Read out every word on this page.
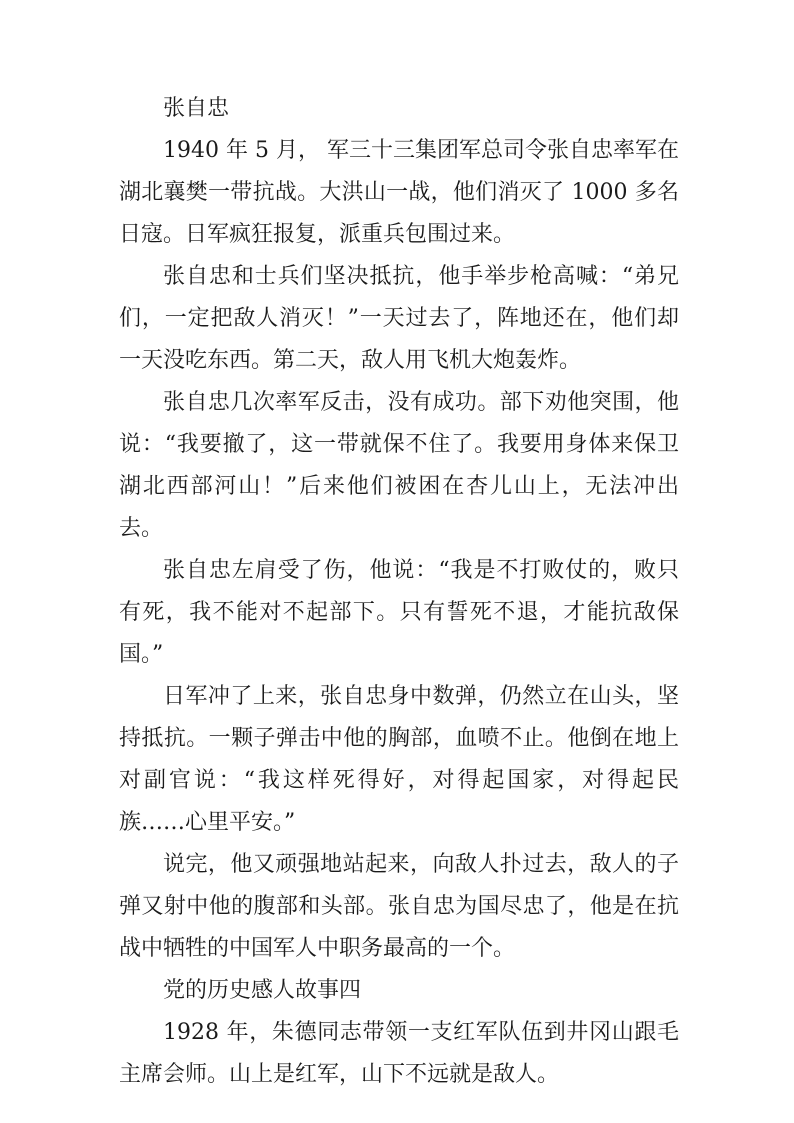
张自忠

1940 年 5 月， 军三十三集团军总司令张自忠率军在湖北襄樊一带抗战。大洪山一战，他们消灭了 1000 多名日寇。日军疯狂报复，派重兵包围过来。

张自忠和士兵们坚决抵抗，他手举步枪高喊：“弟兄们，一定把敌人消灭！”一天过去了，阵地还在，他们却一天没吃东西。第二天，敌人用飞机大炮轰炸。

张自忠几次率军反击，没有成功。部下劝他突围，他说：“我要撤了，这一带就保不住了。我要用身体来保卫湖北西部河山！”后来他们被困在杏儿山上，无法冲出去。

张自忠左肩受了伤，他说：“我是不打败仗的，败只有死，我不能对不起部下。只有誓死不退，才能抗敌保国。”

日军冲了上来，张自忠身中数弹，仍然立在山头，坚持抵抗。一颗子弹击中他的胸部，血喷不止。他倒在地上对副官说：“我这样死得好，对得起国家，对得起民族……心里平安。”

说完，他又顽强地站起来，向敌人扑过去，敌人的子弹又射中他的腹部和头部。张自忠为国尽忠了，他是在抗战中牺牲的中国军人中职务最高的一个。

党的历史感人故事四

1928 年，朱德同志带领一支红军队伍到井冈山跟毛主席会师。山上是红军，山下不远就是敌人。
